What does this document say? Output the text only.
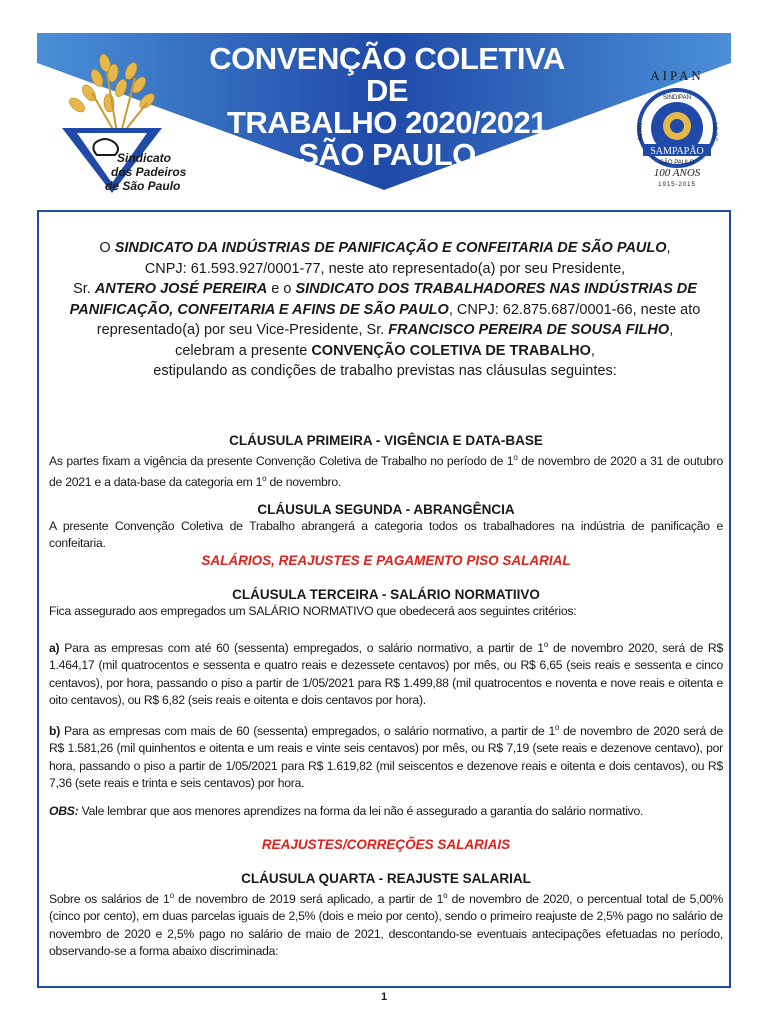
Sindicato
dos Padeiros
de São Paulo
CONVENÇÃO COLETIVA DE
TRABALHO 2020/2021
SÃO PAULO
AIPAN
SINDIPAN
AIPAN	LO.P.C
SAMPAPÃO
SÃO PAULO
100 ANOS
1915-2015
O SINDICATO DA INDÚSTRIAS DE PANIFICAÇÃO E CONFEITARIA DE SÃO PAULO,
CNPJ: 61.593.927/0001-77, neste ato representado(a) por seu Presidente,
Sr. ANTERO JOSÉ PEREIRA e o SINDICATO DOS TRABALHADORES NAS INDÚSTRIAS DE PANIFICAÇÃO, CONFEITARIA E AFINS DE SÃO PAULO, CNPJ: 62.875.687/0001-66, neste ato representado(a) por seu Vice-Presidente, Sr. FRANCISCO PEREIRA DE SOUSA FILHO,
celebram a presente CONVENÇÃO COLETIVA DE TRABALHO,
estipulando as condições de trabalho previstas nas cláusulas seguintes:
CLÁUSULA PRIMEIRA - VIGÊNCIA E DATA-BASE
As partes fixam a vigência da presente Convenção Coletiva de Trabalho no período de 1$^o$ de novembro de 2020 a 31 de outubro de 2021 e a data-base da categoria em 1$^o$ de novembro.
CLÁUSULA SEGUNDA - ABRANGÊNCIA
A presente Convenção Coletiva de Trabalho abrangerá a categoria todos os trabalhadores na indústria de panificação e confeitaria.
SALÁRIOS, REAJUSTES E PAGAMENTO PISO SALARIAL
CLÁUSULA TERCEIRA - SALÁRIO NORMATIIVO
Fica assegurado aos empregados um SALÁRIO NORMATIVO que obedecerá aos seguintes critérios:
a) Para as empresas com até 60 (sessenta) empregados, o salário normativo, a partir de 1$^o$ de novembro 2020, será de R$ 1.464,17 (mil quatrocentos e sessenta e quatro reais e dezessete centavos) por mês, ou R$ 6,65 (seis reais e sessenta e cinco centavos), por hora, passando o piso a partir de 1/05/2021 para R$ 1.499,88 (mil quatrocentos e noventa e nove reais e oitenta e oito centavos), ou R$ 6,82 (seis reais e oitenta e dois centavos por hora).
b) Para as empresas com mais de 60 (sessenta) empregados, o salário normativo, a partir de 1$^o$ de novembro de 2020 será de R$ 1.581,26 (mil quinhentos e oitenta e um reais e vinte seis centavos) por mês, ou R$ 7,19 (sete reais e dezenove centavo), por hora, passando o piso a partir de 1/05/2021 para R$ 1.619,82 (mil seiscentos e dezenove reais e oitenta e dois centavos), ou R$ 7,36 (sete reais e trinta e seis centavos) por hora.
OBS: Vale lembrar que aos menores aprendizes na forma da lei não é assegurado a garantia do salário normativo.
REAJUSTES/CORREÇÕES SALARIAIS
CLÁUSULA QUARTA - REAJUSTE SALARIAL
Sobre os salários de 1$^o$ de novembro de 2019 será aplicado, a partir de 1$^o$ de novembro de 2020, o percentual total de 5,00% (cinco por cento), em duas parcelas iguais de 2,5% (dois e meio por cento), sendo o primeiro reajuste de 2,5% pago no salário de novembro de 2020 e 2,5% pago no salário de maio de 2021, descontando-se eventuais antecipações efetuadas no período, observando-se a forma abaixo discriminada:
1
